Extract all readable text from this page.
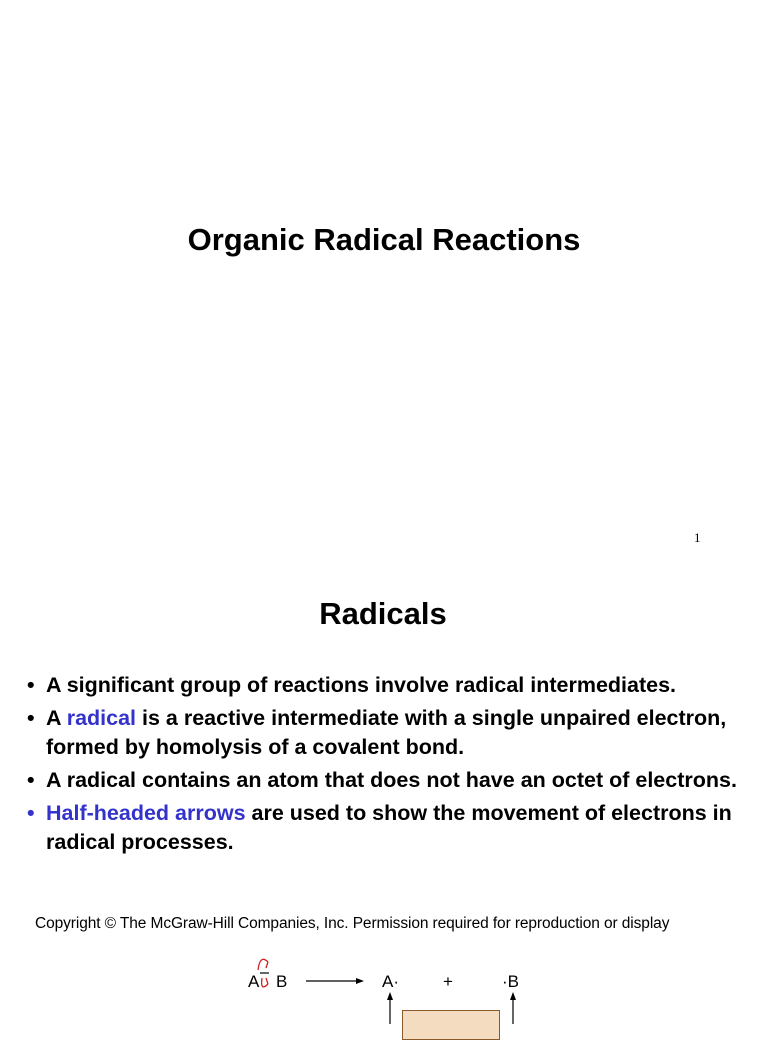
Organic Radical Reactions
1
Radicals
• A significant group of reactions involve radical intermediates.
• A radical is a reactive intermediate with a single unpaired electron, formed by homolysis of a covalent bond.
• A radical contains an atom that does not have an octet of electrons.
• Half-headed arrows are used to show the movement of electrons in radical processes.
Copyright © The McGraw-Hill Companies, Inc. Permission required for reproduction or display
A B	A·	+	·B
